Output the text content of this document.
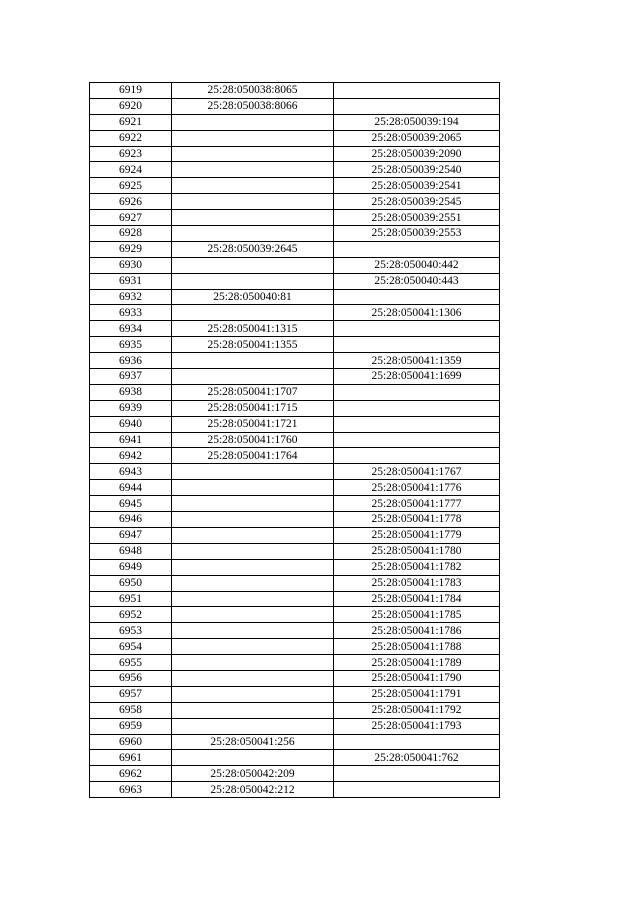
6919	25:28:050038:8065	
6920	25:28:050038:8066	
6921		25:28:050039:194
6922		25:28:050039:2065
6923		25:28:050039:2090
6924		25:28:050039:2540
6925		25:28:050039:2541
6926		25:28:050039:2545
6927		25:28:050039:2551
6928		25:28:050039:2553
6929	25:28:050039:2645	
6930		25:28:050040:442
6931		25:28:050040:443
6932	25:28:050040:81	
6933		25:28:050041:1306
6934	25:28:050041:1315	
6935	25:28:050041:1355	
6936		25:28:050041:1359
6937		25:28:050041:1699
6938	25:28:050041:1707	
6939	25:28:050041:1715	
6940	25:28:050041:1721	
6941	25:28:050041:1760	
6942	25:28:050041:1764	
6943		25:28:050041:1767
6944		25:28:050041:1776
6945		25:28:050041:1777
6946		25:28:050041:1778
6947		25:28:050041:1779
6948		25:28:050041:1780
6949		25:28:050041:1782
6950		25:28:050041:1783
6951		25:28:050041:1784
6952		25:28:050041:1785
6953		25:28:050041:1786
6954		25:28:050041:1788
6955		25:28:050041:1789
6956		25:28:050041:1790
6957		25:28:050041:1791
6958		25:28:050041:1792
6959		25:28:050041:1793
6960	25:28:050041:256	
6961		25:28:050041:762
6962	25:28:050042:209	
6963	25:28:050042:212	
